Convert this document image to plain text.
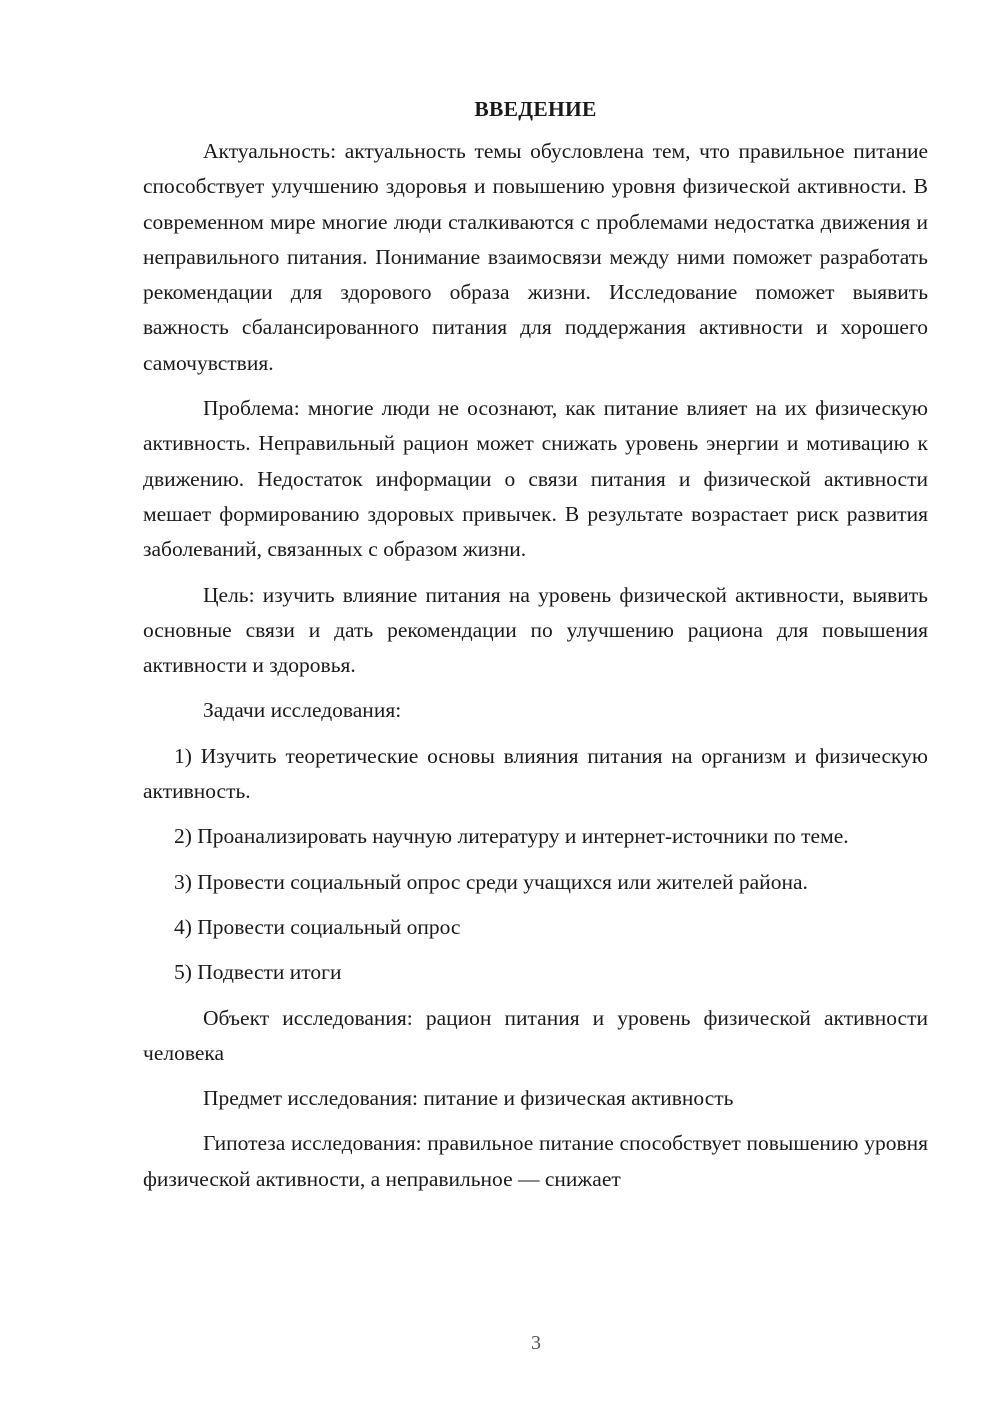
ВВЕДЕНИЕ

Актуальность: актуальность темы обусловлена тем, что правильное питание способствует улучшению здоровья и повышению уровня физической активности. В современном мире многие люди сталкиваются с проблемами недостатка движения и неправильного питания. Понимание взаимосвязи между ними поможет разработать рекомендации для здорового образа жизни. Исследование поможет выявить важность сбалансированного питания для поддержания активности и хорошего самочувствия.

Проблема: многие люди не осознают, как питание влияет на их физическую активность. Неправильный рацион может снижать уровень энергии и мотивацию к движению. Недостаток информации о связи питания и физической активности мешает формированию здоровых привычек. В результате возрастает риск развития заболеваний, связанных с образом жизни.

Цель: изучить влияние питания на уровень физической активности, выявить основные связи и дать рекомендации по улучшению рациона для повышения активности и здоровья.

Задачи исследования:

1) Изучить теоретические основы влияния питания на организм и физическую активность.

2) Проанализировать научную литературу и интернет-источники по теме.

3) Провести социальный опрос среди учащихся или жителей района.

4) Провести социальный опрос

5) Подвести итоги

Объект исследования: рацион питания и уровень физической активности человека

Предмет исследования: питание и физическая активность

Гипотеза исследования: правильное питание способствует повышению уровня физической активности, а неправильное — снижает

3
